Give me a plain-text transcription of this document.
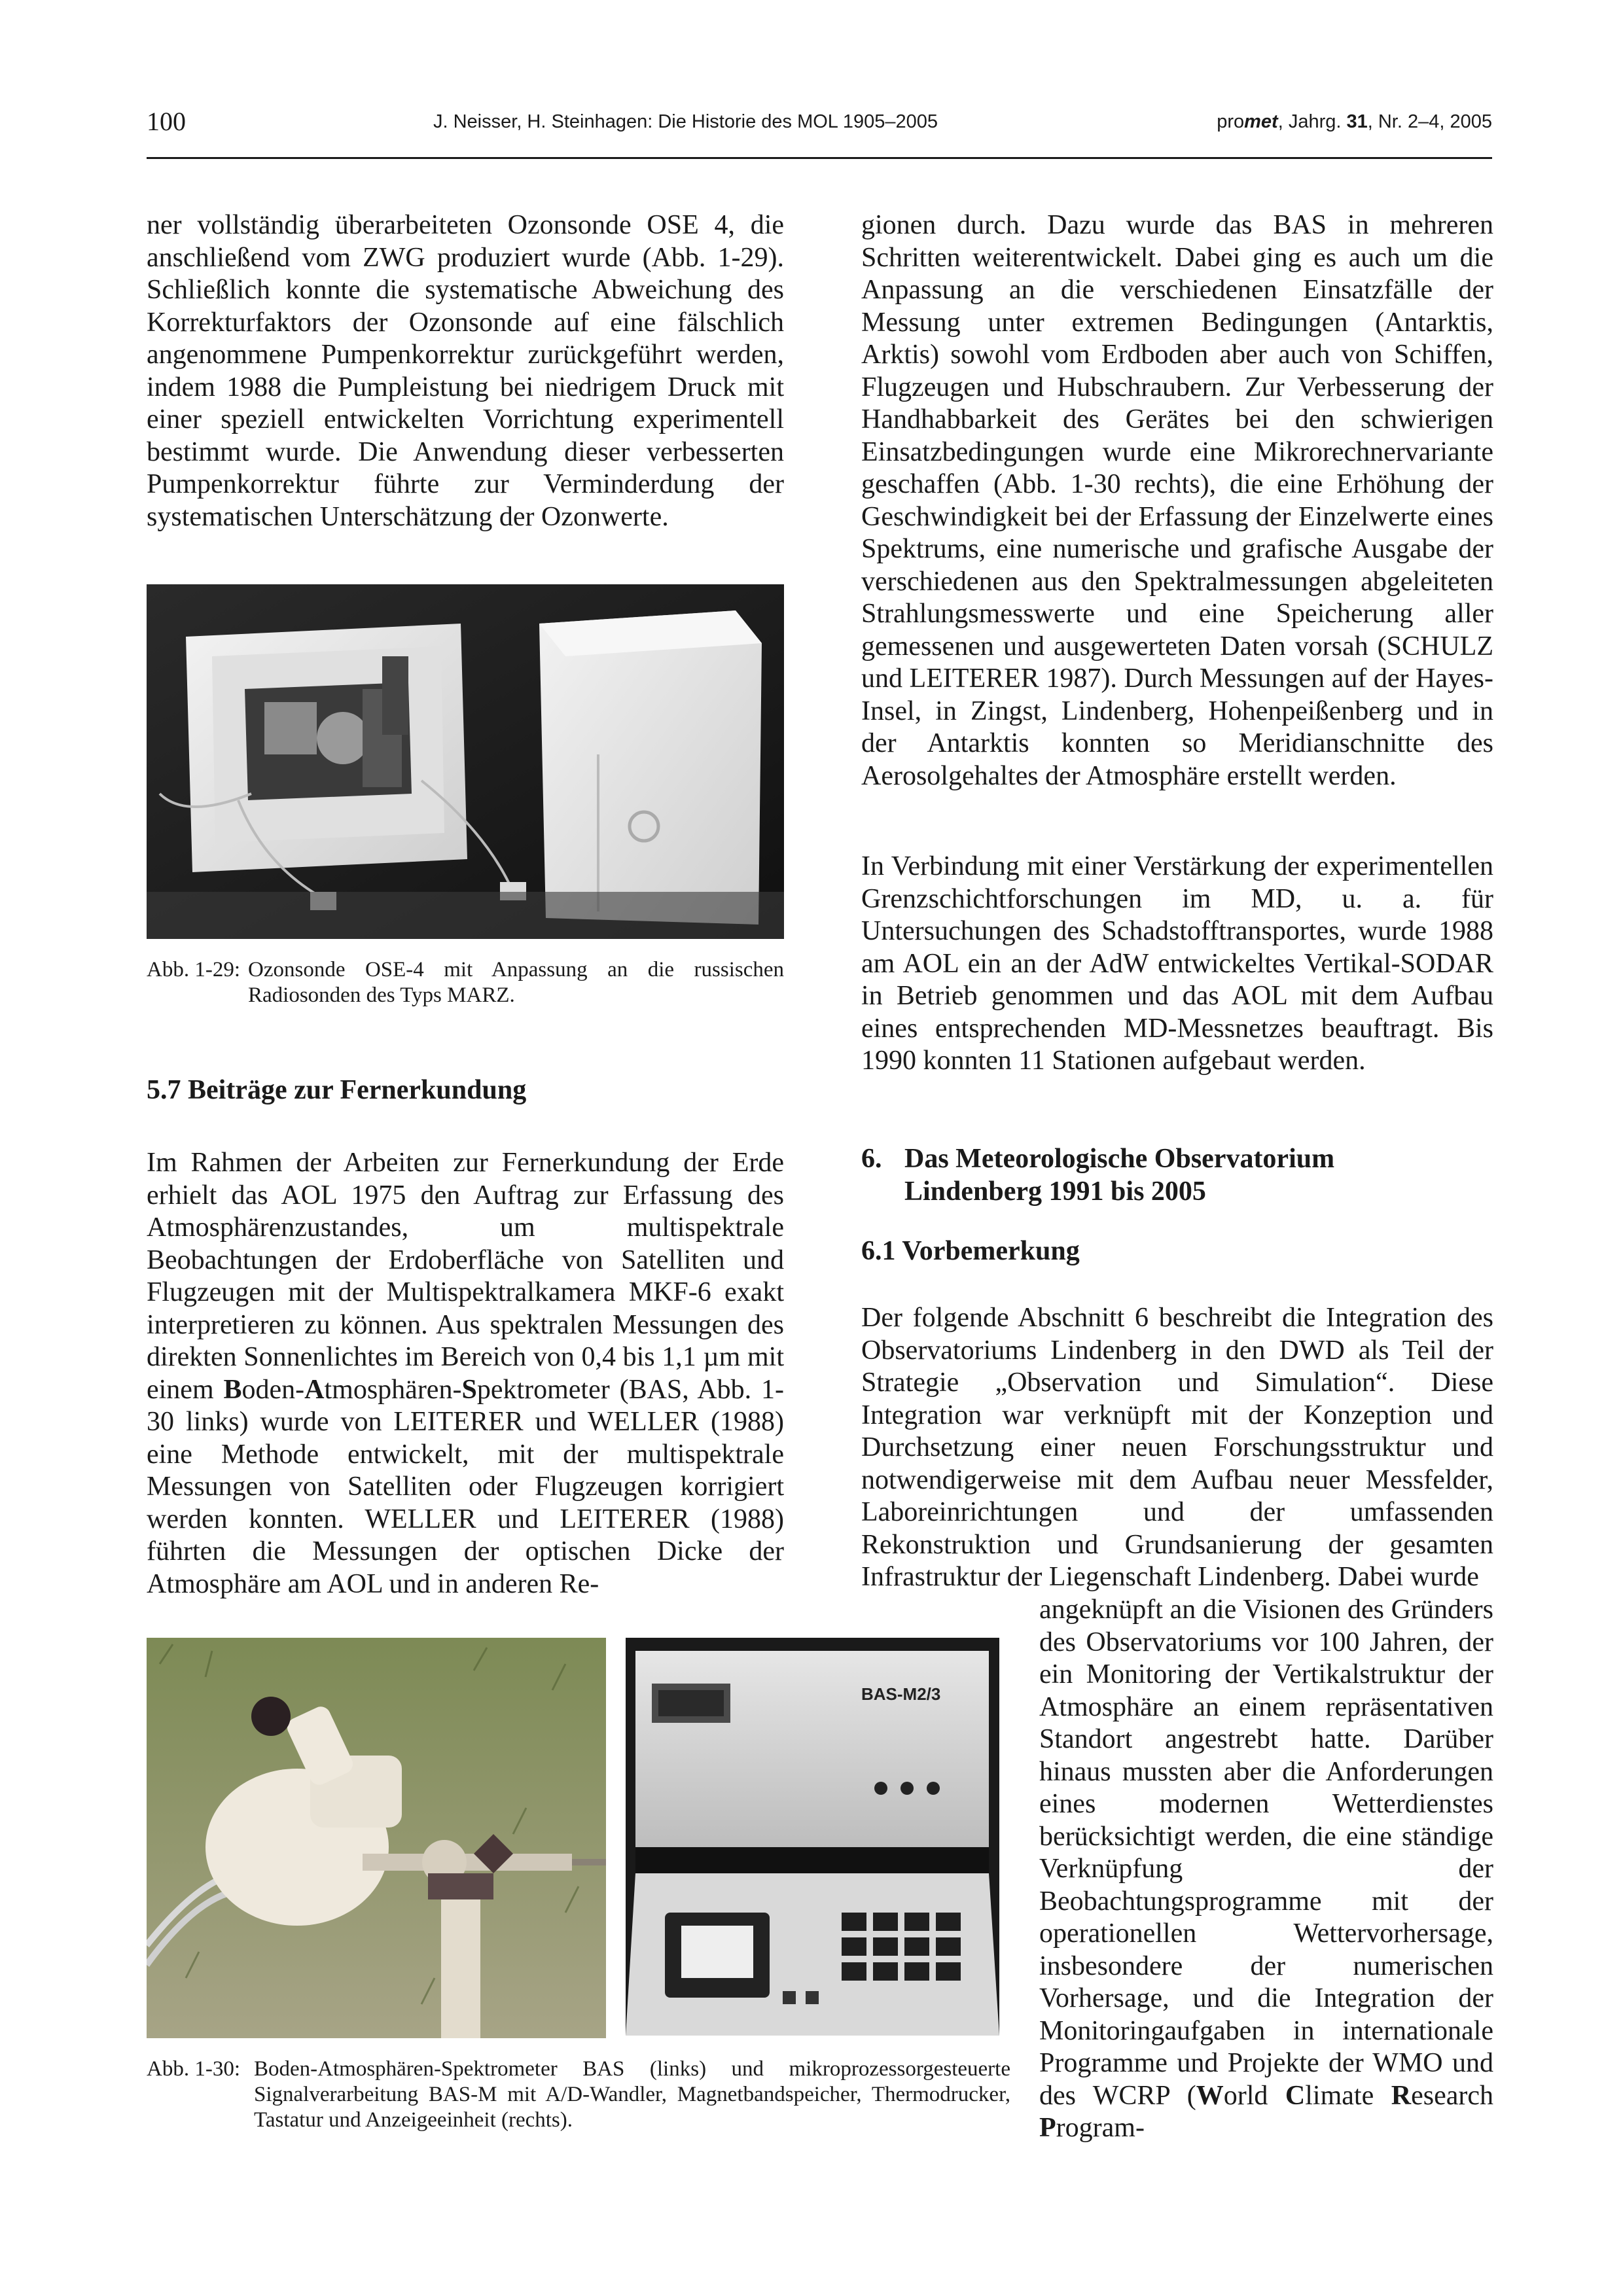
100	J. Neisser, H. Steinhagen: Die Historie des MOL 1905–2005	promet, Jahrg. 31, Nr. 2–4, 2005

ner vollständig überarbeiteten Ozonsonde OSE 4, die anschließend vom ZWG produziert wurde (Abb. 1-29). Schließlich konnte die systematische Abweichung des Korrekturfaktors der Ozonsonde auf eine fälschlich angenommene Pumpenkorrektur zurückgeführt werden, indem 1988 die Pumpleistung bei niedrigem Druck mit einer speziell entwickelten Vorrichtung experimentell bestimmt wurde. Die Anwendung dieser verbesserten Pumpenkorrektur führte zur Verminderdung der systematischen Unterschätzung der Ozonwerte.

Abb. 1-29: Ozonsonde OSE-4 mit Anpassung an die russischen Radiosonden des Typs MARZ.

5.7 Beiträge zur Fernerkundung

Im Rahmen der Arbeiten zur Fernerkundung der Erde erhielt das AOL 1975 den Auftrag zur Erfassung des Atmosphärenzustandes, um multispektrale Beobachtungen der Erdoberfläche von Satelliten und Flugzeugen mit der Multispektralkamera MKF-6 exakt interpretieren zu können. Aus spektralen Messungen des direkten Sonnenlichtes im Bereich von 0,4 bis 1,1 µm mit einem Boden-Atmosphären-Spektrometer (BAS, Abb. 1-30 links) wurde von LEITERER und WELLER (1988) eine Methode entwickelt, mit der multispektrale Messungen von Satelliten oder Flugzeugen korrigiert werden konnten. WELLER und LEITERER (1988) führten die Messungen der optischen Dicke der Atmosphäre am AOL und in anderen Re-

BAS-M2/3
Abb. 1-30: Boden-Atmosphären-Spektrometer BAS (links) und mikroprozessorgesteuerte Signalverarbeitung BAS-M mit A/D-Wandler, Magnetbandspeicher, Thermodrucker, Tastatur und Anzeigeeinheit (rechts).

gionen durch. Dazu wurde das BAS in mehreren Schritten weiterentwickelt. Dabei ging es auch um die Anpassung an die verschiedenen Einsatzfälle der Messung unter extremen Bedingungen (Antarktis, Arktis) sowohl vom Erdboden aber auch von Schiffen, Flugzeugen und Hubschraubern. Zur Verbesserung der Handhabbarkeit des Gerätes bei den schwierigen Einsatzbedingungen wurde eine Mikrorechnervariante geschaffen (Abb. 1-30 rechts), die eine Erhöhung der Geschwindigkeit bei der Erfassung der Einzelwerte eines Spektrums, eine numerische und grafische Ausgabe der verschiedenen aus den Spektralmessungen abgeleiteten Strahlungsmesswerte und eine Speicherung aller gemessenen und ausgewerteten Daten vorsah (SCHULZ und LEITERER 1987). Durch Messungen auf der Hayes-Insel, in Zingst, Lindenberg, Hohenpeißenberg und in der Antarktis konnten so Meridianschnitte des Aerosolgehaltes der Atmosphäre erstellt werden.

In Verbindung mit einer Verstärkung der experimentellen Grenzschichtforschungen im MD, u. a. für Untersuchungen des Schadstofftransportes, wurde 1988 am AOL ein an der AdW entwickeltes Vertikal-SODAR in Betrieb genommen und das AOL mit dem Aufbau eines entsprechenden MD-Messnetzes beauftragt. Bis 1990 konnten 11 Stationen aufgebaut werden.

6. Das Meteorologische Observatorium Lindenberg 1991 bis 2005
6.1 Vorbemerkung

Der folgende Abschnitt 6 beschreibt die Integration des Observatoriums Lindenberg in den DWD als Teil der Strategie „Observation und Simulation“. Diese Integration war verknüpft mit der Konzeption und Durchsetzung einer neuen Forschungsstruktur und notwendigerweise mit dem Aufbau neuer Messfelder, Laboreinrichtungen und der umfassenden Rekonstruktion und Grundsanierung der gesamten Infrastruktur der Liegenschaft Lindenberg. Dabei wurde

angeknüpft an die Visionen des Gründers des Observatoriums vor 100 Jahren, der ein Monitoring der Vertikalstruktur der Atmosphäre an einem repräsentativen Standort angestrebt hatte. Darüber hinaus mussten aber die Anforderungen eines modernen Wetterdienstes berücksichtigt werden, die eine ständige Verknüpfung der Beobachtungsprogramme mit der operationellen Wettervorhersage, insbesondere der numerischen Vorhersage, und die Integration der Monitoringaufgaben in internationale Programme und Projekte der WMO und des WCRP (World Climate Research Program-
